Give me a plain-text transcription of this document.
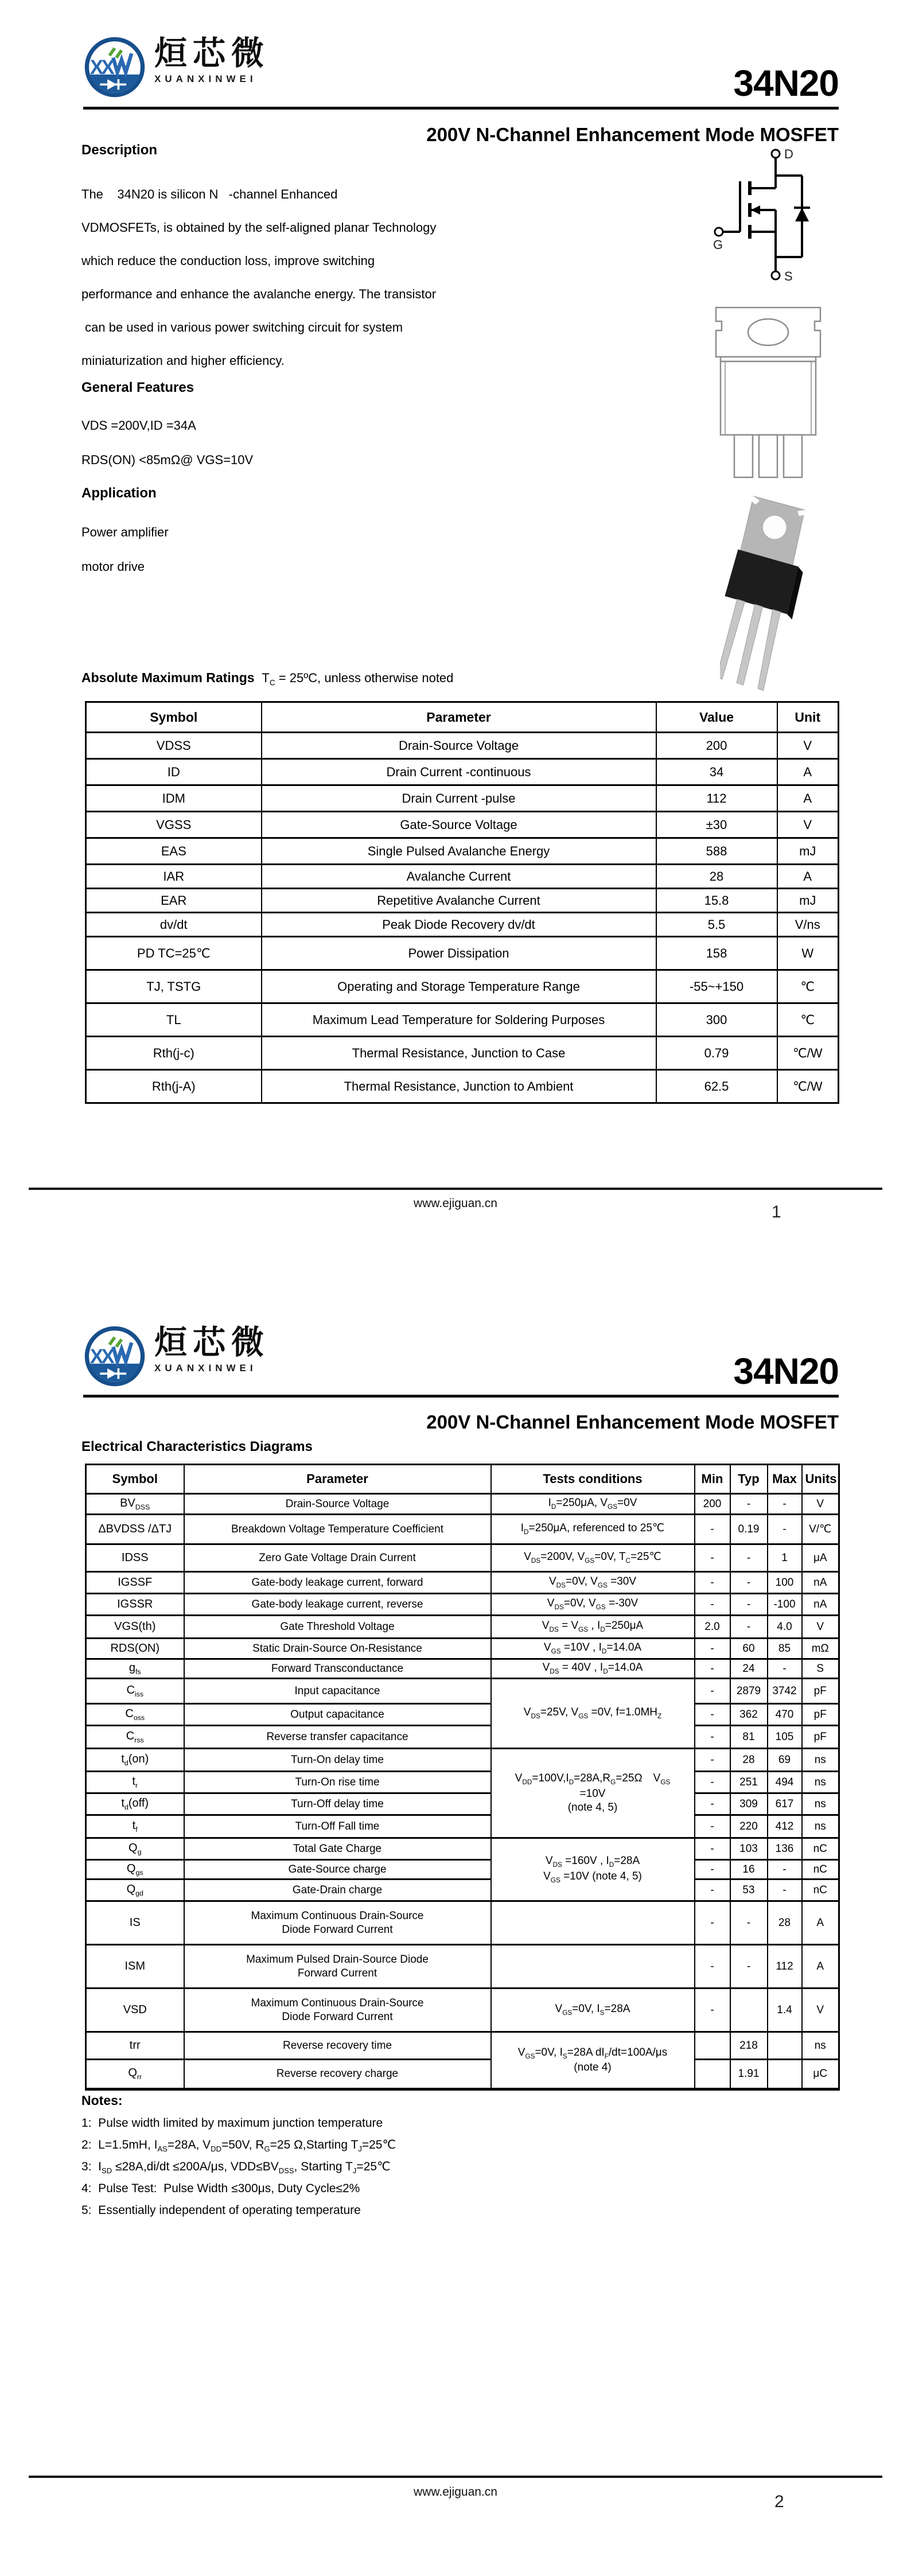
XX 烜芯微
XUANXINWEI	34N20
200V N-Channel Enhancement Mode MOSFET
Description
The    34N20 is silicon N   -channel Enhanced
VDMOSFETs, is obtained by the self-aligned planar Technology
which reduce the conduction loss, improve switching
performance and enhance the avalanche energy. The transistor
can be used in various power switching circuit for system
miniaturization and higher efficiency.
General Features
VDS =200V,ID =34A
RDS(ON) <85mΩ@ VGS=10V
Application
Power amplifier
motor drive
D
G
S
Absolute Maximum Ratings $T_C$ = 25ºC, unless otherwise noted
Symbol	Parameter	Value	Unit
VDSS	Drain-Source Voltage	200	V
ID	Drain Current -continuous	34	A
IDM	Drain Current -pulse	112	A
VGSS	Gate-Source Voltage	±30	V
EAS	Single Pulsed Avalanche Energy	588	mJ
IAR	Avalanche Current	28	A
EAR	Repetitive Avalanche Current	15.8	mJ
dv/dt	Peak Diode Recovery dv/dt	5.5	V/ns
PD TC=25℃	Power Dissipation	158	W
TJ, TSTG	Operating and Storage Temperature Range	-55~+150	℃
TL	Maximum Lead Temperature for Soldering Purposes	300	℃
Rth(j-c)	Thermal Resistance, Junction to Case	0.79	℃/W
Rth(j-A)	Thermal Resistance, Junction to Ambient	62.5	℃/W
www.ejiguan.cn	1
XX 烜芯微
XUANXINWEI	34N20
200V N-Channel Enhancement Mode MOSFET
Electrical Characteristics Diagrams
Symbol	Parameter	Tests conditions	Min	Typ	Max	Units
$BV_{DSS}$	Drain-Source Voltage	$I_D=250\mu A$, $V_{GS}=0V$	200	-	-	V
ΔBVDSS /ΔTJ	Breakdown Voltage Temperature Coefficient	$I_D=250\mu A$, referenced to 25℃	-	0.19	-	V/℃
IDSS	Zero Gate Voltage Drain Current	$V_{DS}=200V$, $V_{GS}=0V$, $T_C=25℃$	-	-	1	μA
IGSSF	Gate-body leakage current, forward	$V_{DS}=0V$, $V_{GS} =30V$	-	-	100	nA
IGSSR	Gate-body leakage current, reverse	$V_{DS}=0V$, $V_{GS} =-30V$	-	-	-100	nA
VGS(th)	Gate Threshold Voltage	$V_{DS} = V_{GS}$ , $I_D=250\mu A$	2.0	-	4.0	V
RDS(ON)	Static Drain-Source On-Resistance	$V_{GS} =10V$ , $I_D=14.0A$	-	60	85	mΩ
$g_{fs}$	Forward Transconductance	$V_{DS} = 40V$ , $I_D=14.0A$	-	24	-	S
$C_{iss}$	Input capacitance	$V_{DS}=25V$, $V_{GS} =0V$, $f=1.0MH_Z$	-	2879	3742	pF
$C_{oss}$	Output capacitance		-	362	470	pF
$C_{rss}$	Reverse transfer capacitance		-	81	105	pF
$t_d(on)$	Turn-On delay time	$V_{DD}=100V,I_D=28A,R_G=25\Omega$　$V_{GS}$
=10V
(note 4, 5)	-	28	69	ns
$t_r$	Turn-On rise time		-	251	494	ns
$t_d(off)$	Turn-Off delay time		-	309	617	ns
$t_f$	Turn-Off Fall time		-	220	412	ns
$Q_g$	Total Gate Charge	$V_{DS} =160V$ , $I_D=28A$
$V_{GS} =10V$ (note 4, 5)	-	103	136	nC
$Q_{gs}$	Gate-Source charge		-	16	-	nC
$Q_{gd}$	Gate-Drain charge		-	53	-	nC
IS	Maximum Continuous Drain-Source
Diode Forward Current		-	-	28	A
ISM	Maximum Pulsed Drain-Source Diode
Forward Current		-	-	112	A
VSD	Maximum Continuous Drain-Source
Diode Forward Current	$V_{GS}=0V$, $I_S=28A$	-		1.4	V
trr	Reverse recovery time	$V_{GS}=0V$, $I_S=28A$ $dI_F/dt=100A/\mu s$
(note 4)		218		ns
$Q_{rr}$	Reverse recovery charge			1.91		μC
Notes:
1:  Pulse width limited by maximum junction temperature
2:  L=1.5mH, $I_{AS}=28A$, $V_{DD}=50V$, $R_G=25$ Ω,Starting $T_J=25℃$
3:  $I_{SD} \le 28A,di/dt \le 200A/\mu s$, $VDD\le BV_{DSS}$, Starting $T_J=25℃$
4:  Pulse Test:  Pulse Width ≤300μs, Duty Cycle≤2%
5:  Essentially independent of operating temperature
www.ejiguan.cn
2
